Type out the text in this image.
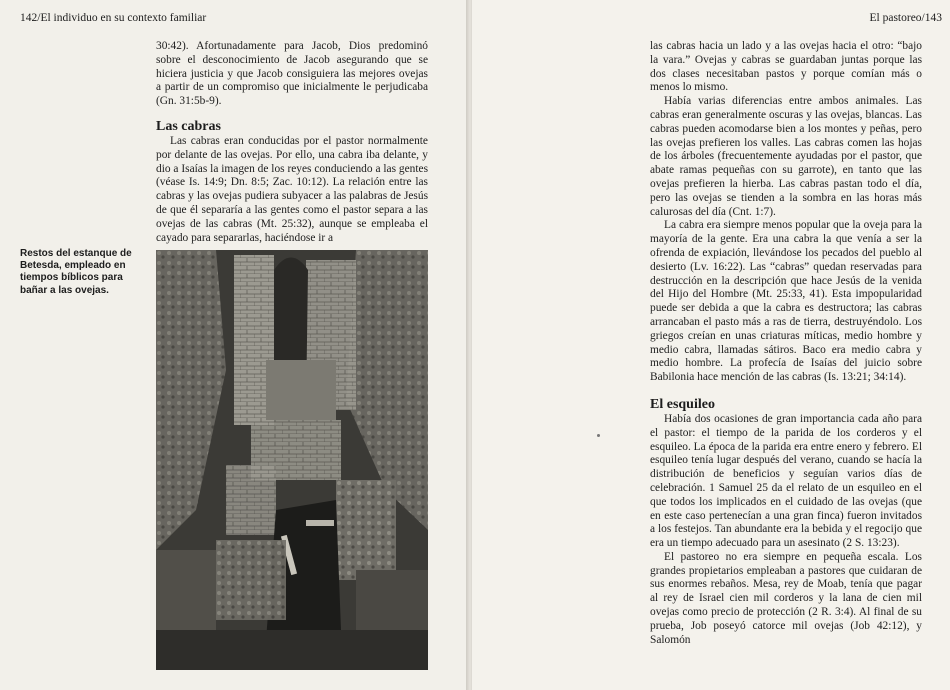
142/El individuo en su contexto familiar

30:42). Afortunadamente para Jacob, Dios predominó sobre el desconocimiento de Jacob asegurando que se hiciera justicia y que Jacob consiguiera las mejores ovejas a partir de un compromiso que inicialmente le perjudicaba (Gn. 31:5b-9).

Las cabras

Las cabras eran conducidas por el pastor normalmente por delante de las ovejas. Por ello, una cabra iba delante, y dio a Isaías la imagen de los reyes conduciendo a las gentes (véase Is. 14:9; Dn. 8:5; Zac. 10:12). La relación entre las cabras y las ovejas pudiera subyacer a las palabras de Jesús de que él separaría a las gentes como el pastor separa a las ovejas de las cabras (Mt. 25:32), aunque se empleaba el cayado para separarlas, haciéndose ir a

Restos del estanque de Betesda, empleado en tiempos bíblicos para bañar a las ovejas.
El pastoreo/143

las cabras hacia un lado y a las ovejas hacia el otro: “bajo la vara.” Ovejas y cabras se guardaban juntas porque las dos clases necesitaban pastos y porque comían más o menos lo mismo.

Había varias diferencias entre ambos animales. Las cabras eran generalmente oscuras y las ovejas, blancas. Las cabras pueden acomodarse bien a los montes y peñas, pero las ovejas prefieren los valles. Las cabras comen las hojas de los árboles (frecuentemente ayudadas por el pastor, que abate ramas pequeñas con su garrote), en tanto que las ovejas prefieren la hierba. Las cabras pastan todo el día, pero las ovejas se tienden a la sombra en las horas más calurosas del día (Cnt. 1:7).

La cabra era siempre menos popular que la oveja para la mayoría de la gente. Era una cabra la que venía a ser la ofrenda de expiación, llevándose los pecados del pueblo al desierto (Lv. 16:22). Las “cabras” quedan reservadas para destrucción en la descripción que hace Jesús de la venida del Hijo del Hombre (Mt. 25:33, 41). Esta impopularidad puede ser debida a que la cabra es destructora; las cabras arrancaban el pasto más a ras de tierra, destruyéndolo. Los griegos creían en unas criaturas míticas, medio hombre y medio cabra, llamadas sátiros. Baco era medio cabra y medio hombre. La profecía de Isaías del juicio sobre Babilonia hace mención de las cabras (Is. 13:21; 34:14).

El esquileo

Había dos ocasiones de gran importancia cada año para el pastor: el tiempo de la parida de los corderos y el esquileo. La época de la parida era entre enero y febrero. El esquileo tenía lugar después del verano, cuando se hacía la distribución de beneficios y seguían varios días de celebración. 1 Samuel 25 da el relato de un esquileo en el que todos los implicados en el cuidado de las ovejas (que en este caso pertenecían a una gran finca) fueron invitados a los festejos. Tan abundante era la bebida y el regocijo que era un tiempo adecuado para un asesinato (2 S. 13:23).

El pastoreo no era siempre en pequeña escala. Los grandes propietarios empleaban a pastores que cuidaran de sus enormes rebaños. Mesa, rey de Moab, tenía que pagar al rey de Israel cien mil corderos y la lana de cien mil ovejas como precio de protección (2 R. 3:4). Al final de su prueba, Job poseyó catorce mil ovejas (Job 42:12), y Salomón
